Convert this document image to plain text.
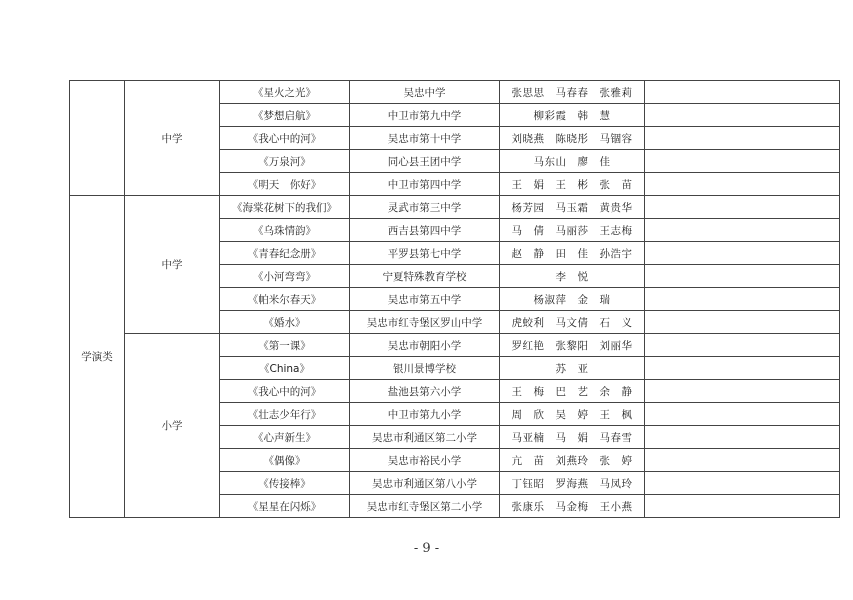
	中学	《星火之光》	吴忠中学	张思思　马春春　张雅莉	
		《梦想启航》	中卫市第九中学	柳彩霞　韩　慧	
		《我心中的河》	吴忠市第十中学	刘晓燕　陈晓彤　马锢容	
		《万泉河》	同心县王团中学	马东山　廖　佳	
		《明天　你好》	中卫市第四中学	王　娟　王　彬　张　苗	
学演类	中学	《海棠花树下的我们》	灵武市第三中学	杨芳园　马玉霜　黄贵华	
		《乌珠情韵》	西吉县第四中学	马　倩　马丽莎　王志梅	
		《青春纪念册》	平罗县第七中学	赵　静　田　佳　孙浩宇	
		《小河弯弯》	宁夏特殊教育学校	李　悦	
		《帕米尔春天》	吴忠市第五中学	杨淑萍　金　瑞	
		《婚水》	吴忠市红寺堡区罗山中学	虎蛟利　马文倩　石　义	
	小学	《第一课》	吴忠市朝阳小学	罗红艳　张黎阳　刘丽华	
		《China》	银川景博学校	苏　亚	
		《我心中的河》	盐池县第六小学	王　梅　巴　艺　余　静	
		《壮志少年行》	中卫市第九小学	周　欣　吴　婷　王　枫	
		《心声新生》	吴忠市利通区第二小学	马亚楠　马　娟　马春雪	
		《偶像》	吴忠市裕民小学	亢　苗　刘燕玲　张　婷	
		《传接棒》	吴忠市利通区第八小学	丁钰昭　罗海燕　马凤玲	
		《星星在闪烁》	吴忠市红寺堡区第二小学	张康乐　马金梅　王小燕	
- 9 -
